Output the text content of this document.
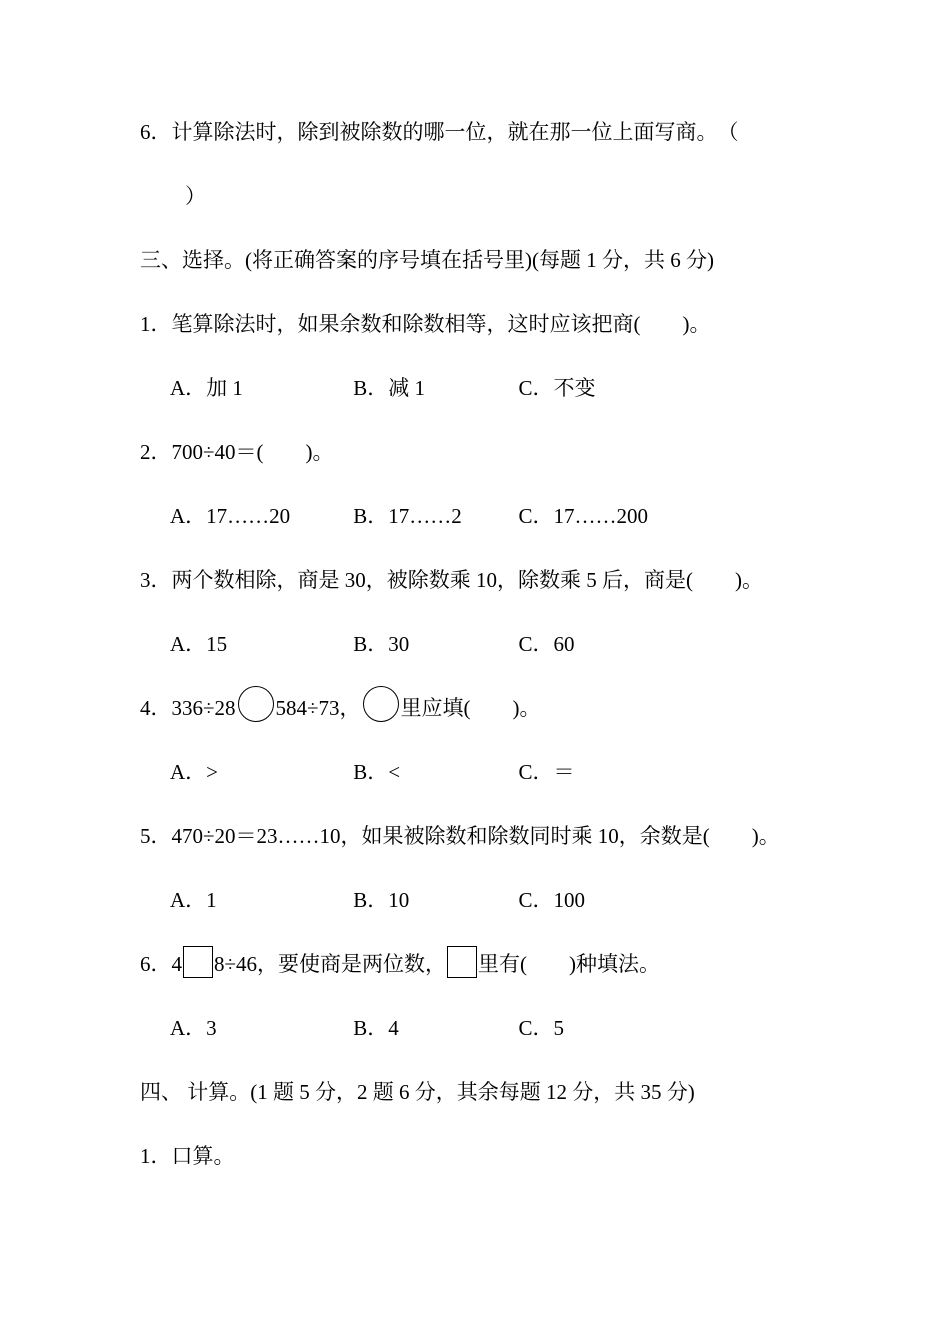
6．计算除法时，除到被除数的哪一位，就在那一位上面写商。　（
）
三、选择。(将正确答案的序号填在括号里)(每题 1 分，共 6 分)
1．笔算除法时，如果余数和除数相等，这时应该把商(　　)。
A．加 1	B．减 1	C．不变
2．700÷40＝(　　)。
A．17……20	B．17……2	C．17……200
3．两个数相除，商是 30，被除数乘 10，除数乘 5 后，商是(　　)。
A．15	B．30	C．60
4．336÷28 584÷73， 里应填(　　)。
A．>	B．<	C．＝
5．470÷20＝23……10，如果被除数和除数同时乘 10，余数是(　　)。
A．1	B．10	C．100
6．4 8÷46，要使商是两位数， 里有(　　)种填法。
A．3	B．4	C．5
四、 计算。(1 题 5 分，2 题 6 分，其余每题 12 分，共 35 分)
1．口算。
